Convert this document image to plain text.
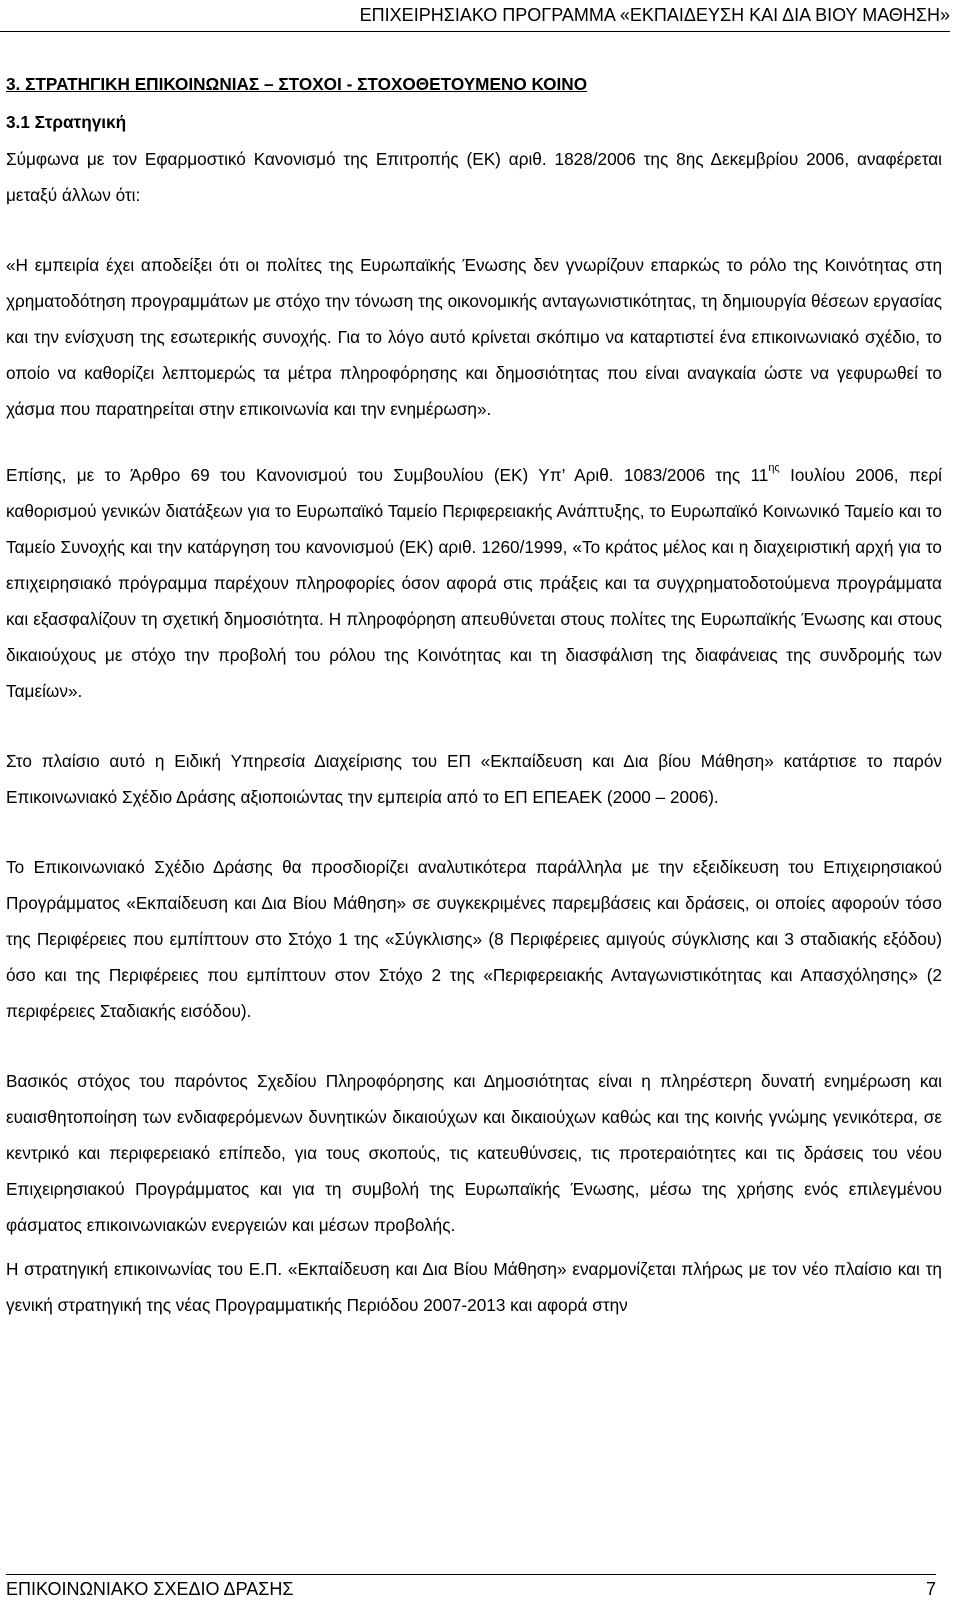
ΕΠΙΧΕΙΡΗΣΙΑΚΟ ΠΡΟΓΡΑΜΜΑ «ΕΚΠΑΙΔΕΥΣΗ ΚΑΙ ΔΙΑ ΒΙΟΥ ΜΑΘΗΣΗ»

3. ΣΤΡΑΤΗΓΙΚΗ ΕΠΙΚΟΙΝΩΝΙΑΣ – ΣΤΟΧΟΙ - ΣΤΟΧΟΘΕΤΟΥΜΕΝΟ ΚΟΙΝΟ

3.1 Στρατηγική

Σύμφωνα με τον Εφαρμοστικό Κανονισμό της Επιτροπής (ΕΚ) αριθ. 1828/2006 της 8ης Δεκεμβρίου 2006, αναφέρεται μεταξύ άλλων ότι:

«Η εμπειρία έχει αποδείξει ότι οι πολίτες της Ευρωπαϊκής Ένωσης δεν γνωρίζουν επαρκώς το ρόλο της Κοινότητας στη χρηματοδότηση προγραμμάτων με στόχο την τόνωση της οικονομικής ανταγωνιστικότητας, τη δημιουργία θέσεων εργασίας και την ενίσχυση της εσωτερικής συνοχής. Για το λόγο αυτό κρίνεται σκόπιμο να καταρτιστεί ένα επικοινωνιακό σχέδιο, το οποίο να καθορίζει λεπτομερώς τα μέτρα πληροφόρησης και δημοσιότητας που είναι αναγκαία ώστε να γεφυρωθεί το χάσμα που παρατηρείται στην επικοινωνία και την ενημέρωση».

Επίσης, με το Άρθρο 69 του Κανονισμού του Συμβουλίου (ΕΚ) Υπ’ Αριθ. 1083/2006 της $11^{\eta\varsigma}$ Ιουλίου 2006, περί καθορισμού γενικών διατάξεων για το Ευρωπαϊκό Ταμείο Περιφερειακής Ανάπτυξης, το Ευρωπαϊκό Κοινωνικό Ταμείο και το Ταμείο Συνοχής και την κατάργηση του κανονισμού (ΕΚ) αριθ. 1260/1999, «Το κράτος μέλος και η διαχειριστική αρχή για το επιχειρησιακό πρόγραμμα παρέχουν πληροφορίες όσον αφορά στις πράξεις και τα συγχρηματοδοτούμενα προγράμματα και εξασφαλίζουν τη σχετική δημοσιότητα. Η πληροφόρηση απευθύνεται στους πολίτες της Ευρωπαϊκής Ένωσης και στους δικαιούχους με στόχο την προβολή του ρόλου της Κοινότητας και τη διασφάλιση της διαφάνειας της συνδρομής των Ταμείων».

Στο πλαίσιο αυτό η Ειδική Υπηρεσία Διαχείρισης του ΕΠ «Εκπαίδευση και Δια βίου Μάθηση» κατάρτισε το παρόν Επικοινωνιακό Σχέδιο Δράσης αξιοποιώντας την εμπειρία από το ΕΠ ΕΠΕΑΕΚ (2000 – 2006).

Το Επικοινωνιακό Σχέδιο Δράσης θα προσδιορίζει αναλυτικότερα παράλληλα με την εξειδίκευση του Επιχειρησιακού Προγράμματος «Εκπαίδευση και Δια Βίου Μάθηση» σε συγκεκριμένες παρεμβάσεις και δράσεις, οι οποίες αφορούν τόσο της Περιφέρειες που εμπίπτουν στο Στόχο 1 της «Σύγκλισης» (8 Περιφέρειες αμιγούς σύγκλισης και 3 σταδιακής εξόδου) όσο και της Περιφέρειες που εμπίπτουν στον Στόχο 2 της «Περιφερειακής Ανταγωνιστικότητας και Απασχόλησης» (2 περιφέρειες Σταδιακής εισόδου).

Βασικός στόχος του παρόντος Σχεδίου Πληροφόρησης και Δημοσιότητας είναι η πληρέστερη δυνατή ενημέρωση και ευαισθητοποίηση των ενδιαφερόμενων δυνητικών δικαιούχων και δικαιούχων καθώς και της κοινής γνώμης γενικότερα, σε κεντρικό και περιφερειακό επίπεδο, για τους σκοπούς, τις κατευθύνσεις, τις προτεραιότητες και τις δράσεις του νέου Επιχειρησιακού Προγράμματος και για τη συμβολή της Ευρωπαϊκής Ένωσης, μέσω της χρήσης ενός επιλεγμένου φάσματος επικοινωνιακών ενεργειών και μέσων προβολής.

Η στρατηγική επικοινωνίας του Ε.Π. «Εκπαίδευση και Δια Βίου Μάθηση» εναρμονίζεται πλήρως με τον νέο πλαίσιο και τη γενική στρατηγική της νέας Προγραμματικής Περιόδου 2007-2013 και αφορά στην

ΕΠΙΚΟΙΝΩΝΙΑΚΟ ΣΧΕΔΙΟ ΔΡΑΣΗΣ	7
